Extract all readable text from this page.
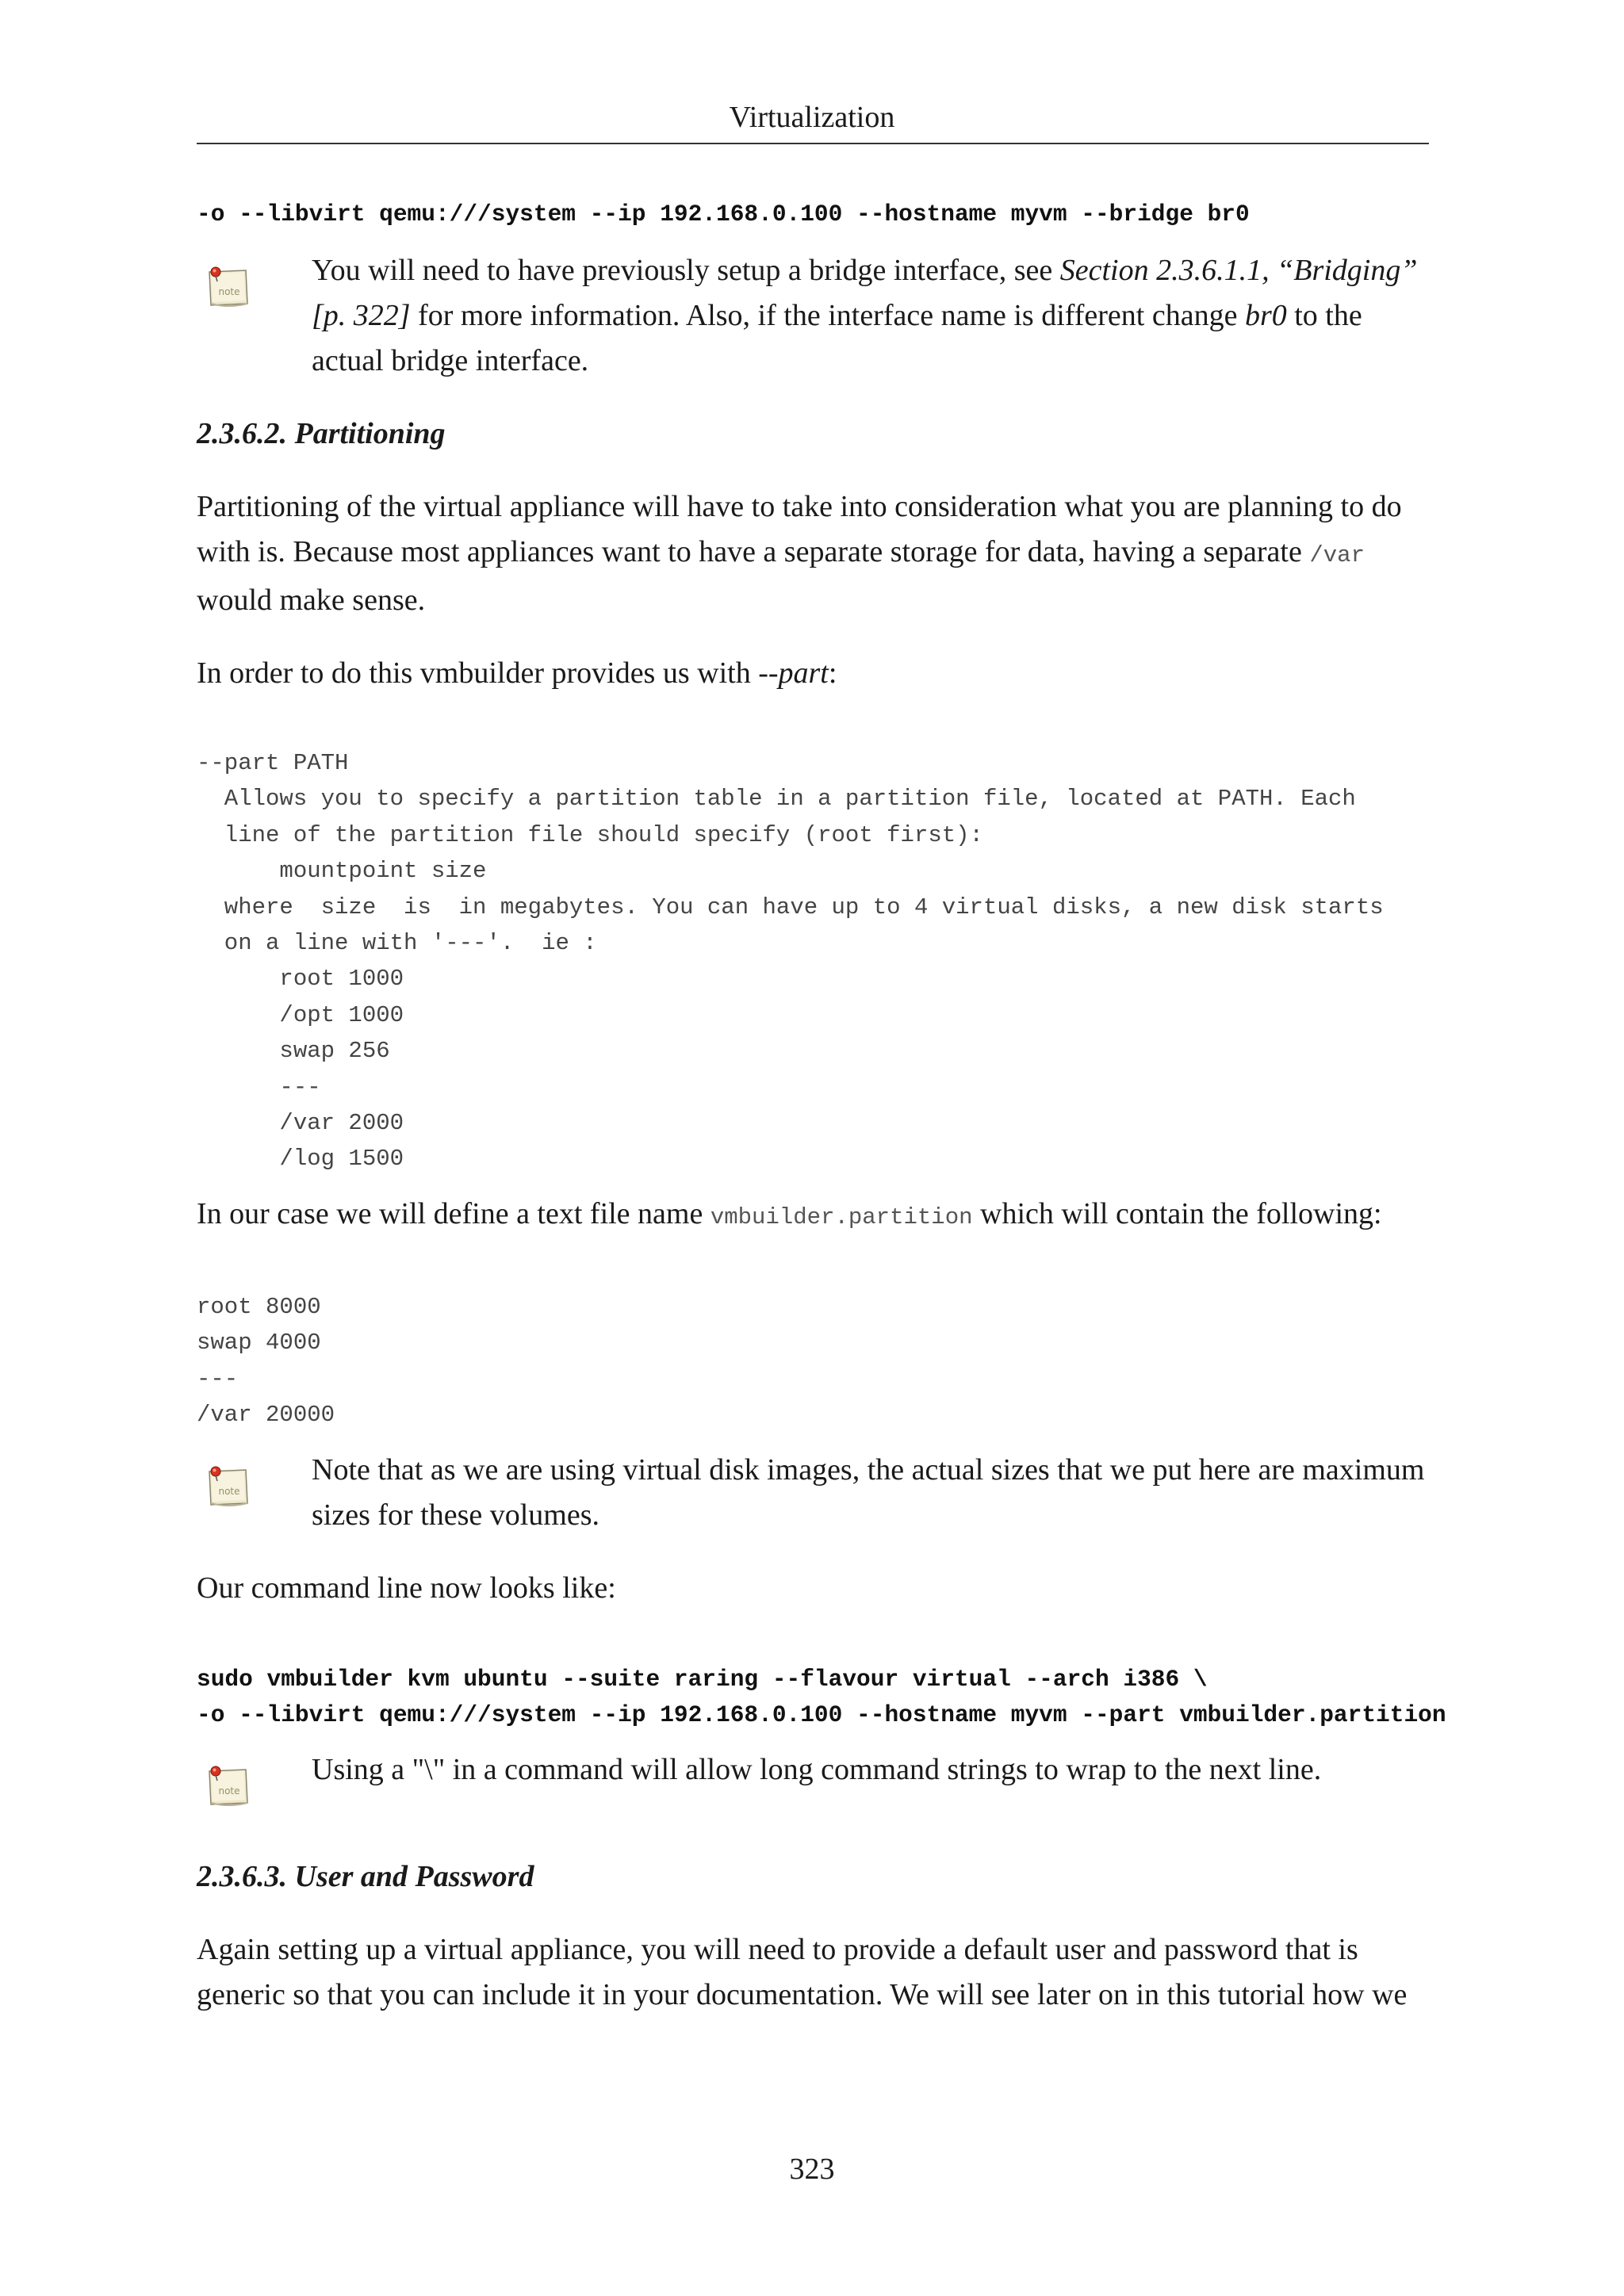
Virtualization
-o --libvirt qemu:///system --ip 192.168.0.100 --hostname myvm --bridge br0

You will need to have previously setup a bridge interface, see Section 2.3.6.1.1, “Bridging” [p. 322] for more information. Also, if the interface name is different change br0 to the actual bridge interface.

2.3.6.2. Partitioning

Partitioning of the virtual appliance will have to take into consideration what you are planning to do with is. Because most appliances want to have a separate storage for data, having a separate /var would make sense.

In order to do this vmbuilder provides us with --part:

--part PATH
Allows you to specify a partition table in a partition file, located at PATH. Each
line of the partition file should specify (root first):
mountpoint size
where  size  is  in megabytes. You can have up to 4 virtual disks, a new disk starts
on a line with '---'.  ie :
root 1000
/opt 1000
swap 256
---
/var 2000
/log 1500

In our case we will define a text file name vmbuilder.partition which will contain the following:

root 8000
swap 4000
---
/var 20000

Note that as we are using virtual disk images, the actual sizes that we put here are maximum sizes for these volumes.

Our command line now looks like:

sudo vmbuilder kvm ubuntu --suite raring --flavour virtual --arch i386 \
-o --libvirt qemu:///system --ip 192.168.0.100 --hostname myvm --part vmbuilder.partition

Using a "\" in a command will allow long command strings to wrap to the next line.

2.3.6.3. User and Password

Again setting up a virtual appliance, you will need to provide a default user and password that is generic so that you can include it in your documentation. We will see later on in this tutorial how we

323
